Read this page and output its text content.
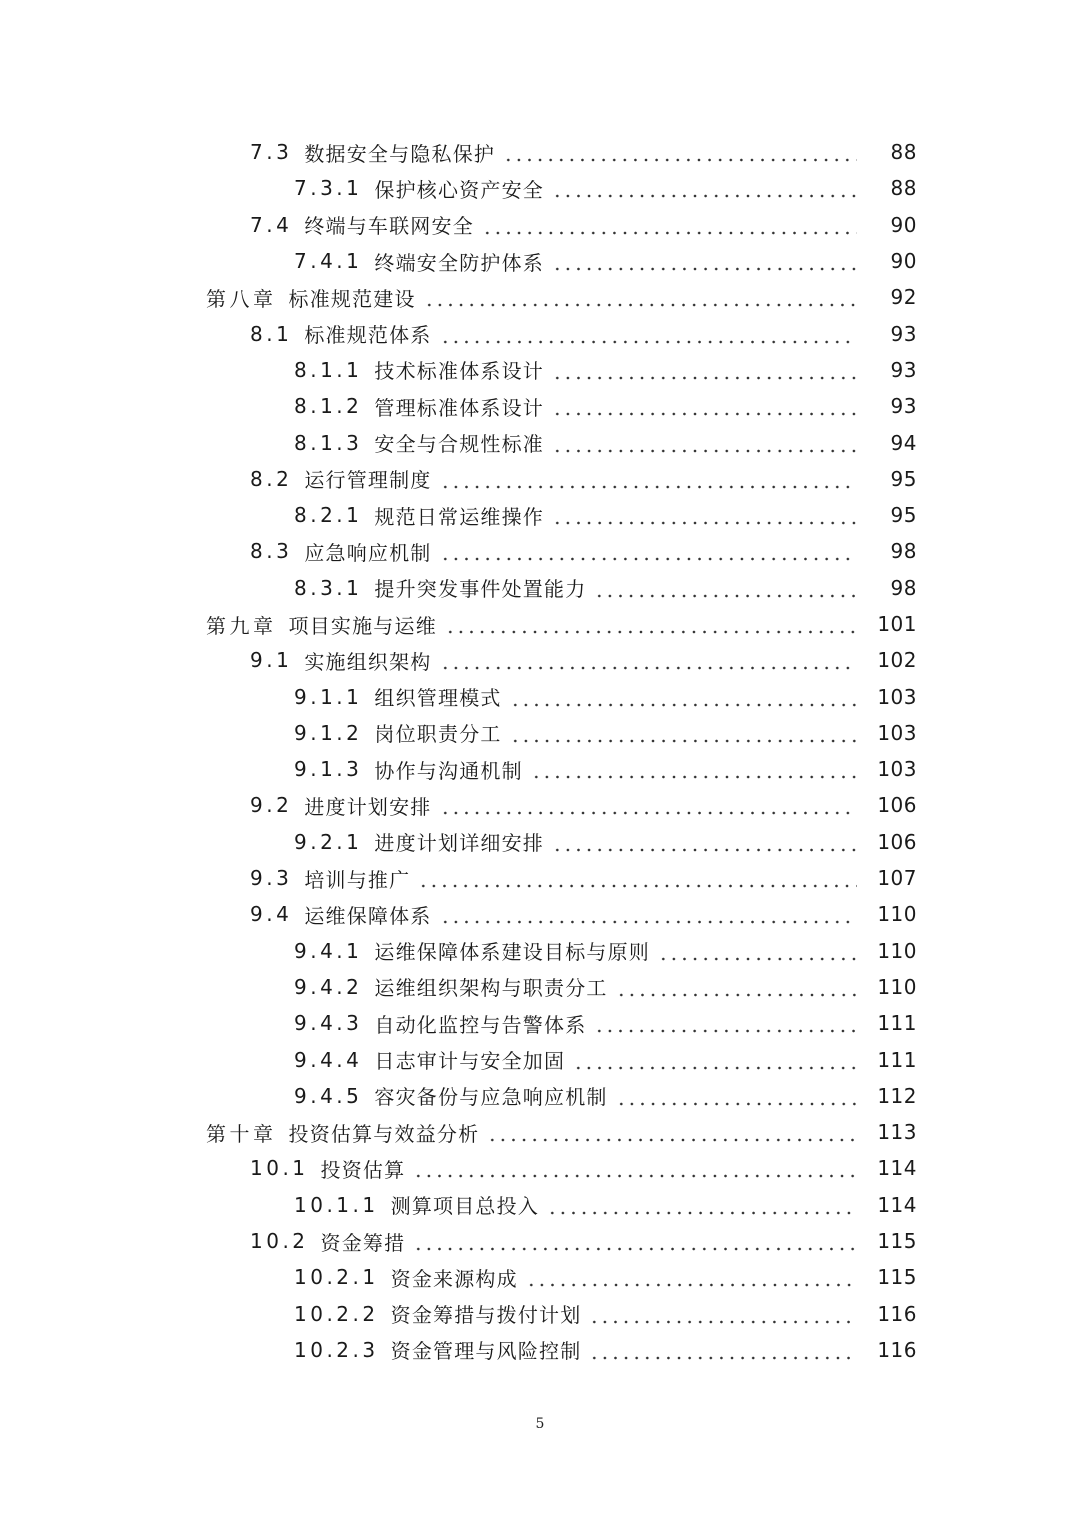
7.3 数据安全与隐私保护	88
7.3.1 保护核心资产安全	88
7.4 终端与车联网安全	90
7.4.1 终端安全防护体系	90
第八章 标准规范建设	92
8.1 标准规范体系	93
8.1.1 技术标准体系设计	93
8.1.2 管理标准体系设计	93
8.1.3 安全与合规性标准	94
8.2 运行管理制度	95
8.2.1 规范日常运维操作	95
8.3 应急响应机制	98
8.3.1 提升突发事件处置能力	98
第九章 项目实施与运维	101
9.1 实施组织架构	102
9.1.1 组织管理模式	103
9.1.2 岗位职责分工	103
9.1.3 协作与沟通机制	103
9.2 进度计划安排	106
9.2.1 进度计划详细安排	106
9.3 培训与推广	107
9.4 运维保障体系	110
9.4.1 运维保障体系建设目标与原则	110
9.4.2 运维组织架构与职责分工	110
9.4.3 自动化监控与告警体系	111
9.4.4 日志审计与安全加固	111
9.4.5 容灾备份与应急响应机制	112
第十章 投资估算与效益分析	113
10.1 投资估算	114
10.1.1 测算项目总投入	114
10.2 资金筹措	115
10.2.1 资金来源构成	115
10.2.2 资金筹措与拨付计划	116
10.2.3 资金管理与风险控制	116
5
